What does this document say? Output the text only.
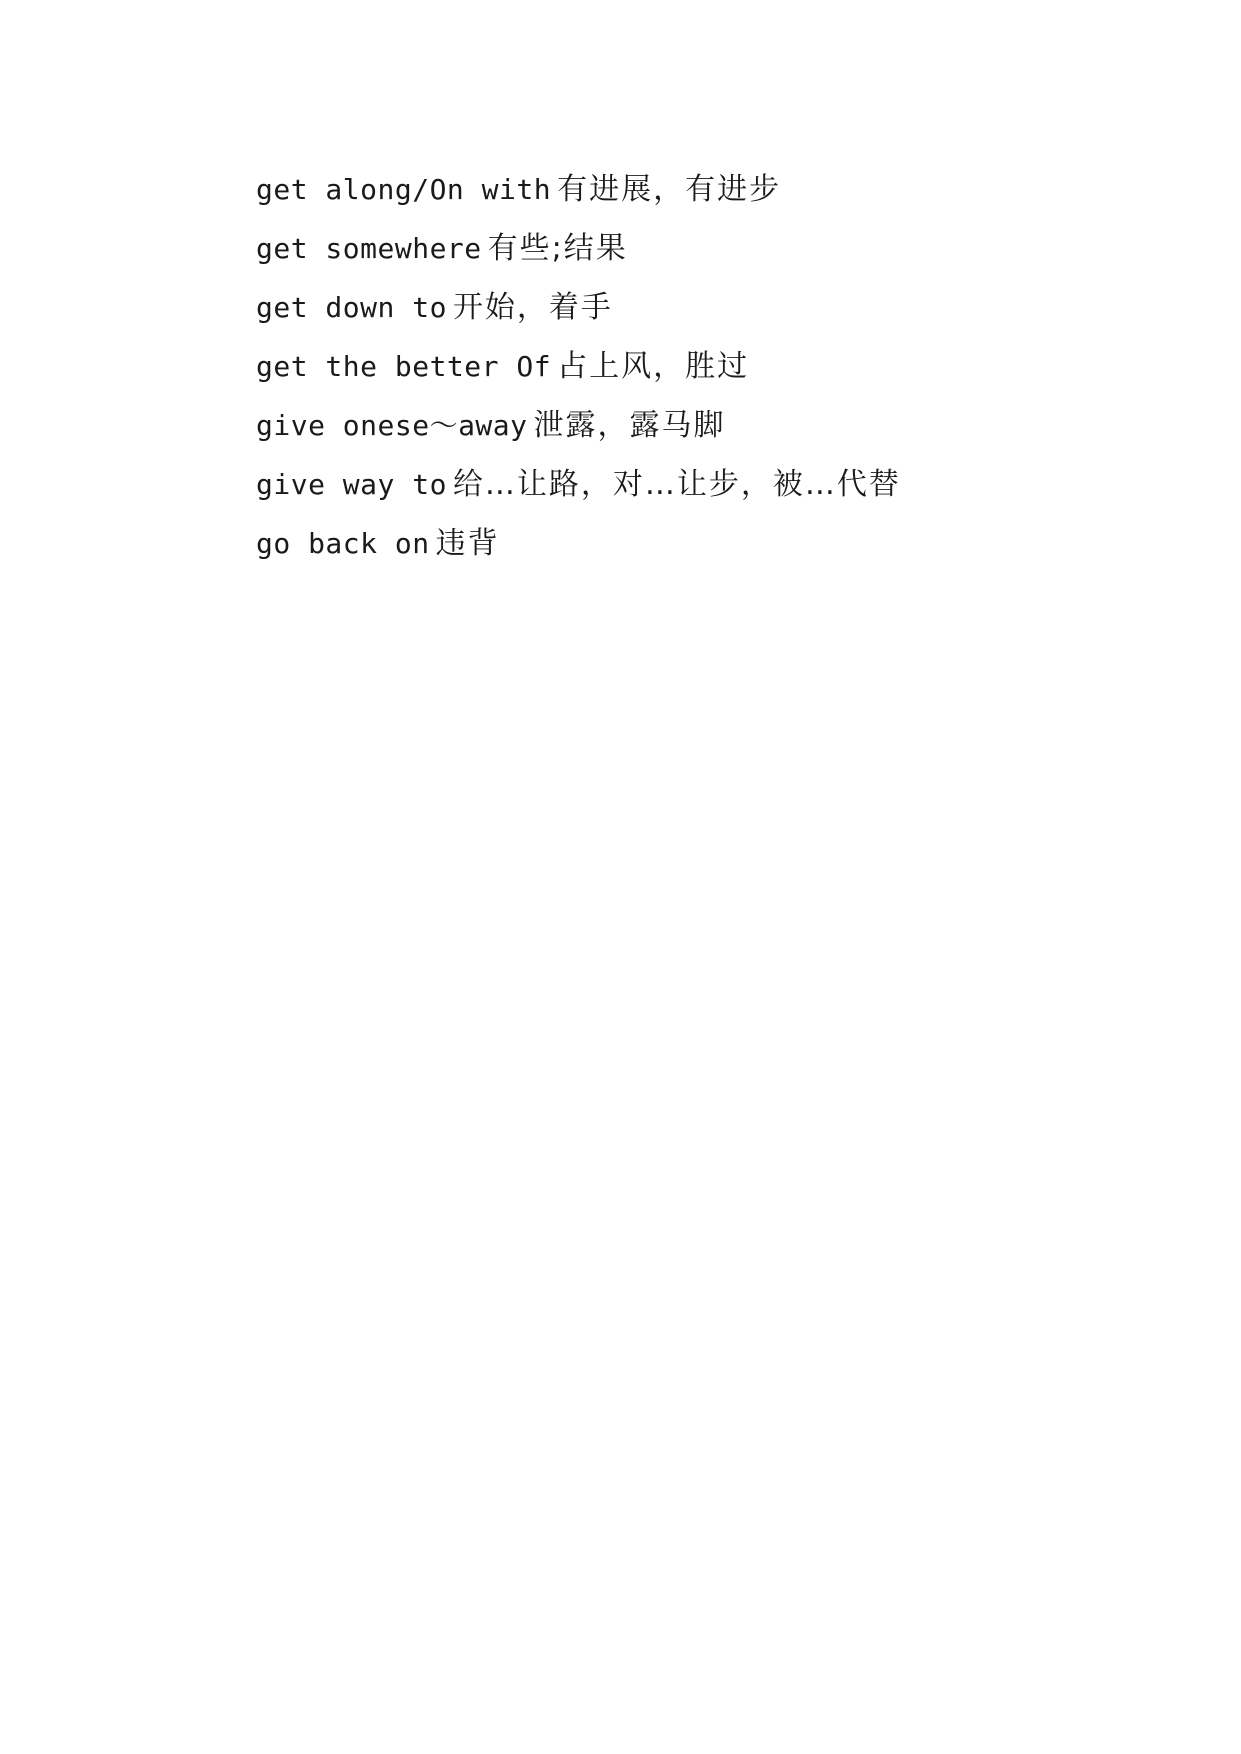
get along/On with 有进展，有进步
get somewhere 有些;结果
get down to 开始，着手
get the better Of 占上风，胜过
give onese～away 泄露，露马脚
give way to 给…让路，对…让步，被…代替
go back on 违背
